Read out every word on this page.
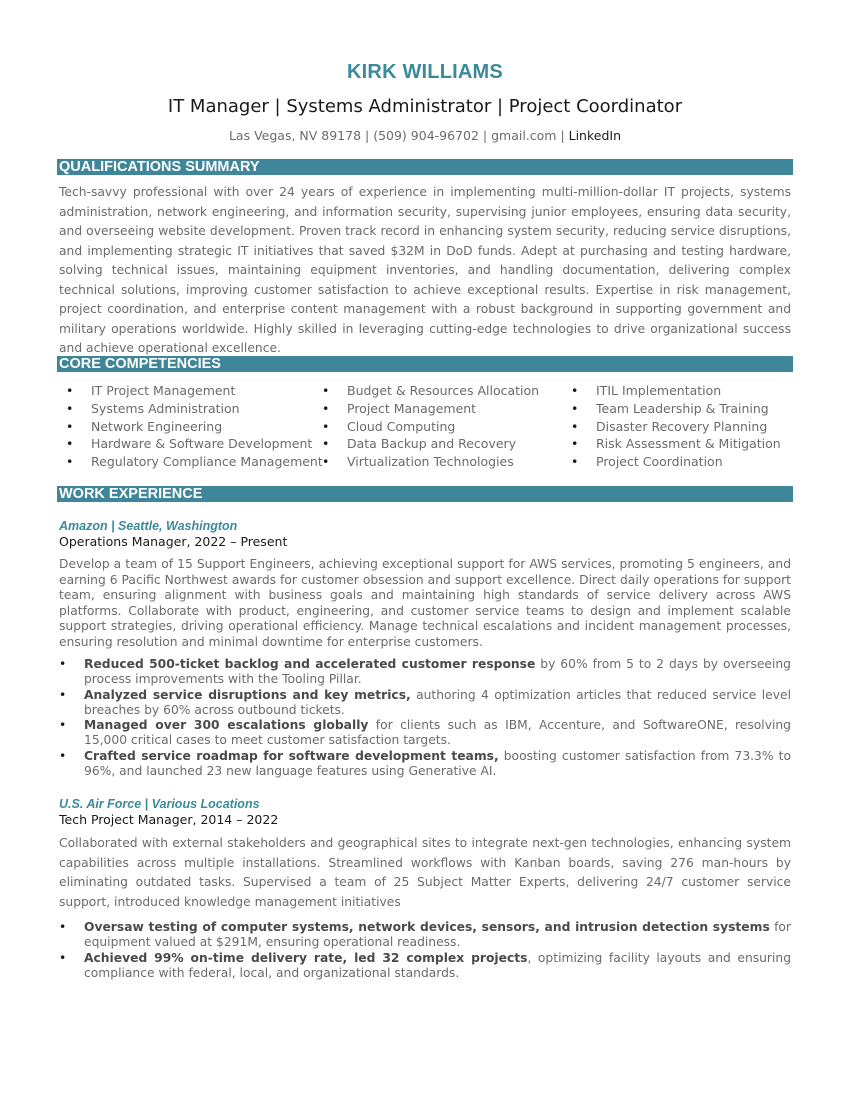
KIRK WILLIAMS
IT Manager | Systems Administrator | Project Coordinator
Las Vegas, NV 89178 | (509) 904-96702 | gmail.com | LinkedIn
QUALIFICATIONS SUMMARY
Tech-savvy professional with over 24 years of experience in implementing multi-million-dollar IT projects, systems administration, network engineering, and information security, supervising junior employees, ensuring data security, and overseeing website development. Proven track record in enhancing system security, reducing service disruptions, and implementing strategic IT initiatives that saved $32M in DoD funds. Adept at purchasing and testing hardware, solving technical issues, maintaining equipment inventories, and handling documentation, delivering complex technical solutions, improving customer satisfaction to achieve exceptional results. Expertise in risk management, project coordination, and enterprise content management with a robust background in supporting government and military operations worldwide. Highly skilled in leveraging cutting-edge technologies to drive organizational success and achieve operational excellence.
CORE COMPETENCIES
• IT Project Management
• Systems Administration
• Network Engineering
• Hardware & Software Development
• Regulatory Compliance Management
• Budget & Resources Allocation
• Project Management
• Cloud Computing
• Data Backup and Recovery
• Virtualization Technologies
• ITIL Implementation
• Team Leadership & Training
• Disaster Recovery Planning
• Risk Assessment & Mitigation
• Project Coordination
WORK EXPERIENCE
Amazon | Seattle, Washington
Operations Manager, 2022 – Present
Develop a team of 15 Support Engineers, achieving exceptional support for AWS services, promoting 5 engineers, and earning 6 Pacific Northwest awards for customer obsession and support excellence. Direct daily operations for support team, ensuring alignment with business goals and maintaining high standards of service delivery across AWS platforms. Collaborate with product, engineering, and customer service teams to design and implement scalable support strategies, driving operational efficiency. Manage technical escalations and incident management processes, ensuring resolution and minimal downtime for enterprise customers.
• Reduced 500-ticket backlog and accelerated customer response by 60% from 5 to 2 days by overseeing process improvements with the Tooling Pillar.
• Analyzed service disruptions and key metrics, authoring 4 optimization articles that reduced service level breaches by 60% across outbound tickets.
• Managed over 300 escalations globally for clients such as IBM, Accenture, and SoftwareONE, resolving 15,000 critical cases to meet customer satisfaction targets.
• Crafted service roadmap for software development teams, boosting customer satisfaction from 73.3% to 96%, and launched 23 new language features using Generative AI.
U.S. Air Force | Various Locations
Tech Project Manager, 2014 – 2022
Collaborated with external stakeholders and geographical sites to integrate next-gen technologies, enhancing system capabilities across multiple installations. Streamlined workflows with Kanban boards, saving 276 man-hours by eliminating outdated tasks. Supervised a team of 25 Subject Matter Experts, delivering 24/7 customer service support, introduced knowledge management initiatives
• Oversaw testing of computer systems, network devices, sensors, and intrusion detection systems for equipment valued at $291M, ensuring operational readiness.
• Achieved 99% on-time delivery rate, led 32 complex projects, optimizing facility layouts and ensuring compliance with federal, local, and organizational standards.
